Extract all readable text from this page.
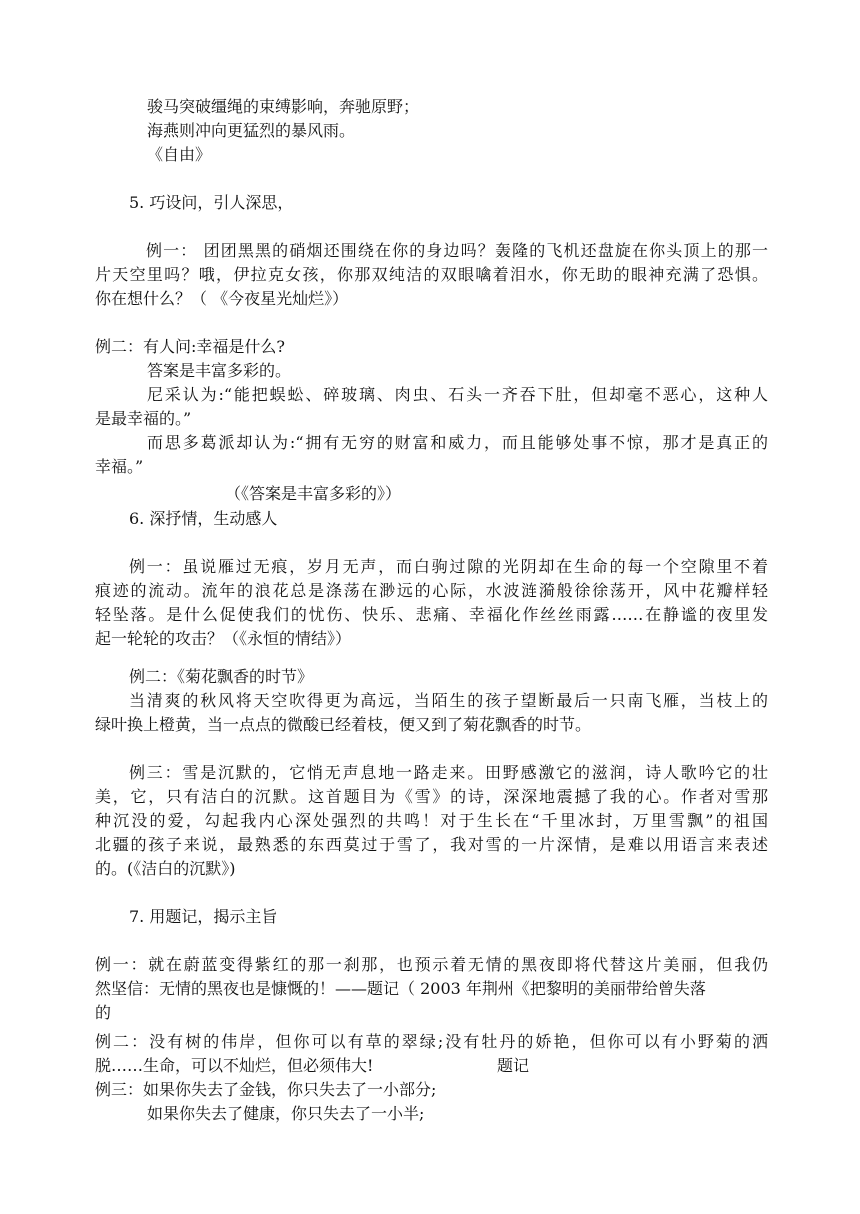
骏马突破缰绳的束缚影响，奔驰原野；
海燕则冲向更猛烈的暴风雨。
《自由》
5. 巧设问，引人深思，
例一： 团团黑黑的硝烟还围绕在你的身边吗？轰隆的飞机还盘旋在你头顶上的那一
片天空里吗？哦，伊拉克女孩，你那双纯洁的双眼噙着泪水，你无助的眼神充满了恐惧。
你在想什么？（ 《今夜星光灿烂》）
例二：有人问:幸福是什么?
答案是丰富多彩的。
尼采认为:“能把蜈蚣、碎玻璃、肉虫、石头一齐吞下肚，但却毫不恶心，这种人
是最幸福的。”
而思多葛派却认为:“拥有无穷的财富和威力，而且能够处事不惊，那才是真正的
幸福。”
（《答案是丰富多彩的》）
6. 深抒情，生动感人
例一：虽说雁过无痕，岁月无声，而白驹过隙的光阴却在生命的每一个空隙里不着
痕迹的流动。流年的浪花总是涤荡在渺远的心际，水波涟漪般徐徐荡开，风中花瓣样轻
轻坠落。是什么促使我们的忧伤、快乐、悲痛、幸福化作丝丝雨露……在静谧的夜里发
起一轮轮的攻击？（《永恒的情结》）
例二：《菊花飘香的时节》
当清爽的秋风将天空吹得更为高远，当陌生的孩子望断最后一只南飞雁，当枝上的
绿叶换上橙黄，当一点点的微酸已经着枝，便又到了菊花飘香的时节。
例三：雪是沉默的，它悄无声息地一路走来。田野感激它的滋润，诗人歌吟它的壮
美，它，只有洁白的沉默。这首题目为《雪》的诗，深深地震撼了我的心。作者对雪那
种沉没的爱，勾起我内心深处强烈的共鸣！对于生长在“千里冰封，万里雪飘”的祖国
北疆的孩子来说，最熟悉的东西莫过于雪了，我对雪的一片深情，是难以用语言来表述
的。(《洁白的沉默》)
7. 用题记，揭示主旨
例一：就在蔚蓝变得紫红的那一刹那，也预示着无情的黑夜即将代替这片美丽，但我仍
然坚信：无情的黑夜也是慷慨的！——题记（ 2003 年荆州《把黎明的美丽带给曾失落
的
例二：没有树的伟岸，但你可以有草的翠绿;没有牡丹的娇艳，但你可以有小野菊的洒
脱……生命，可以不灿烂，但必须伟大!	题记
例三：如果你失去了金钱，你只失去了一小部分;
如果你失去了健康，你只失去了一小半;
